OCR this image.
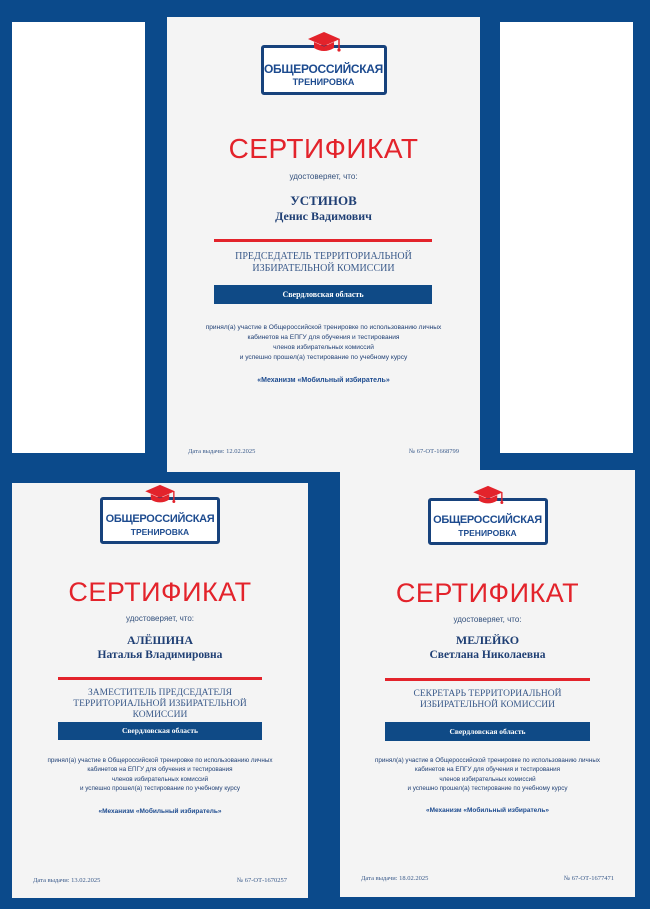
ОБЩЕРОССИЙСКАЯ
ТРЕНИРОВКА
СЕРТИФИКАТ
удостоверяет, что:
УСТИНОВ
Денис Вадимович
ПРЕДСЕДАТЕЛЬ ТЕРРИТОРИАЛЬНОЙ
ИЗБИРАТЕЛЬНОЙ КОМИССИИ
Свердловская область
принял(а) участие в Общероссийской тренировке по использованию личных
кабинетов на ЕПГУ для обучения и тестирования
членов избирательных комиссий
и успешно прошел(а) тестирование по учебному курсу
«Механизм «Мобильный избиратель»
Дата выдачи: 12.02.2025	№ 67-ОТ-1668799
ОБЩЕРОССИЙСКАЯ
ТРЕНИРОВКА
СЕРТИФИКАТ
удостоверяет, что:
АЛЁШИНА
Наталья Владимировна
ЗАМЕСТИТЕЛЬ ПРЕДСЕДАТЕЛЯ
ТЕРРИТОРИАЛЬНОЙ ИЗБИРАТЕЛЬНОЙ
КОМИССИИ
Свердловская область
принял(а) участие в Общероссийской тренировке по использованию личных
кабинетов на ЕПГУ для обучения и тестирования
членов избирательных комиссий
и успешно прошел(а) тестирование по учебному курсу
«Механизм «Мобильный избиратель»
Дата выдачи: 13.02.2025	№ 67-ОТ-1670257
ОБЩЕРОССИЙСКАЯ
ТРЕНИРОВКА
СЕРТИФИКАТ
удостоверяет, что:
МЕЛЕЙКО
Светлана Николаевна
СЕКРЕТАРЬ ТЕРРИТОРИАЛЬНОЙ
ИЗБИРАТЕЛЬНОЙ КОМИССИИ
Свердловская область
принял(а) участие в Общероссийской тренировке по использованию личных
кабинетов на ЕПГУ для обучения и тестирования
членов избирательных комиссий
и успешно прошел(а) тестирование по учебному курсу
«Механизм «Мобильный избиратель»
Дата выдачи: 18.02.2025	№ 67-ОТ-1677471
